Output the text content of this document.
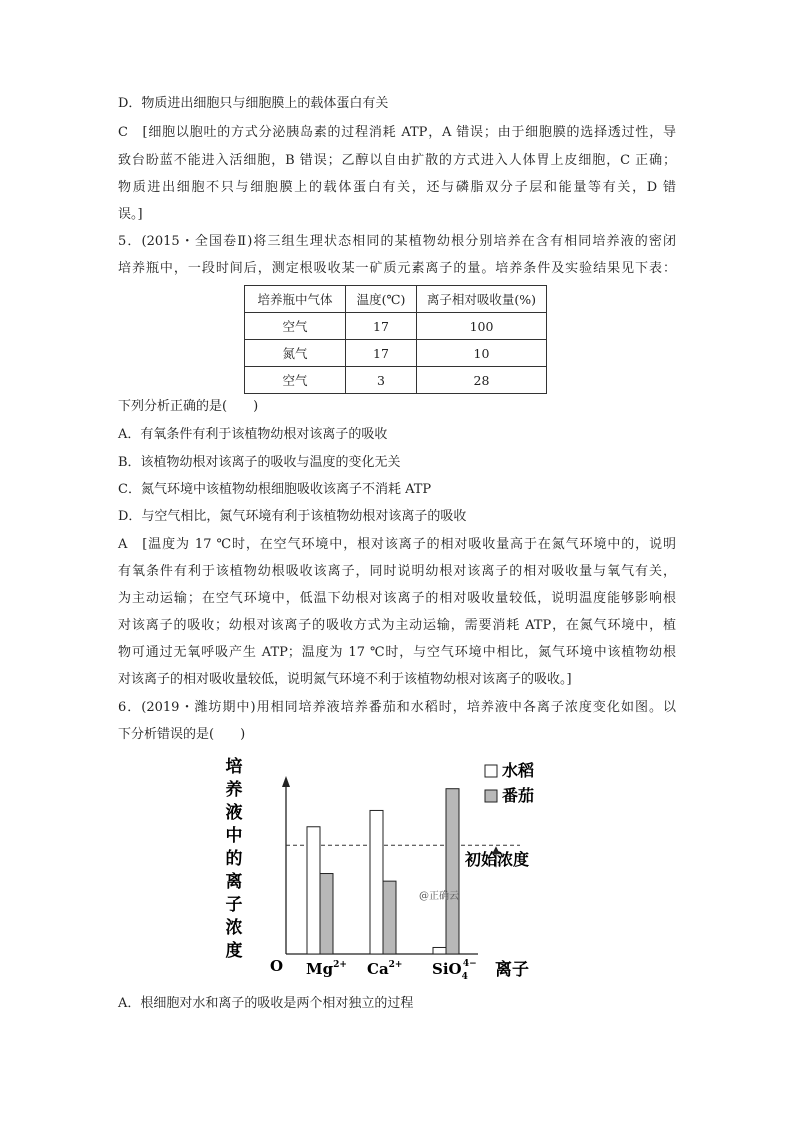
D．物质进出细胞只与细胞膜上的载体蛋白有关
C　[细胞以胞吐的方式分泌胰岛素的过程消耗 ATP，A 错误；由于细胞膜的选择透过性，导
致台盼蓝不能进入活细胞，B 错误；乙醇以自由扩散的方式进入人体胃上皮细胞，C 正确；
物质进出细胞不只与细胞膜上的载体蛋白有关，还与磷脂双分子层和能量等有关，D 错
误。]
5．(2015・全国卷Ⅱ)将三组生理状态相同的某植物幼根分别培养在含有相同培养液的密闭
培养瓶中，一段时间后，测定根吸收某一矿质元素离子的量。培养条件及实验结果见下表：
培养瓶中气体	温度(℃)	离子相对吸收量(%)
空气	17	100
氮气	17	10
空气	3	28
下列分析正确的是(　　)
A．有氧条件有利于该植物幼根对该离子的吸收
B．该植物幼根对该离子的吸收与温度的变化无关
C．氮气环境中该植物幼根细胞吸收该离子不消耗 ATP
D．与空气相比，氮气环境有利于该植物幼根对该离子的吸收
A　[温度为 17 ℃时，在空气环境中，根对该离子的相对吸收量高于在氮气环境中的，说明
有氧条件有利于该植物幼根吸收该离子，同时说明幼根对该离子的相对吸收量与氧气有关，
为主动运输；在空气环境中，低温下幼根对该离子的相对吸收量较低，说明温度能够影响根
对该离子的吸收；幼根对该离子的吸收方式为主动运输，需要消耗 ATP，在氮气环境中，植
物可通过无氧呼吸产生 ATP；温度为 17 ℃时，与空气环境中相比，氮气环境中该植物幼根
对该离子的相对吸收量较低，说明氮气环境不利于该植物幼根对该离子的吸收。]
6．(2019・潍坊期中)用相同培养液培养番茄和水稻时，培养液中各离子浓度变化如图。以
下分析错误的是(　　)
培
养
液
中
的
离
子
浓
度
初始浓度
O $Mg^{2+}$ $Ca^{2+}$ SiO$_4$4− 离子
水稻
番茄
@正确云
A．根细胞对水和离子的吸收是两个相对独立的过程
